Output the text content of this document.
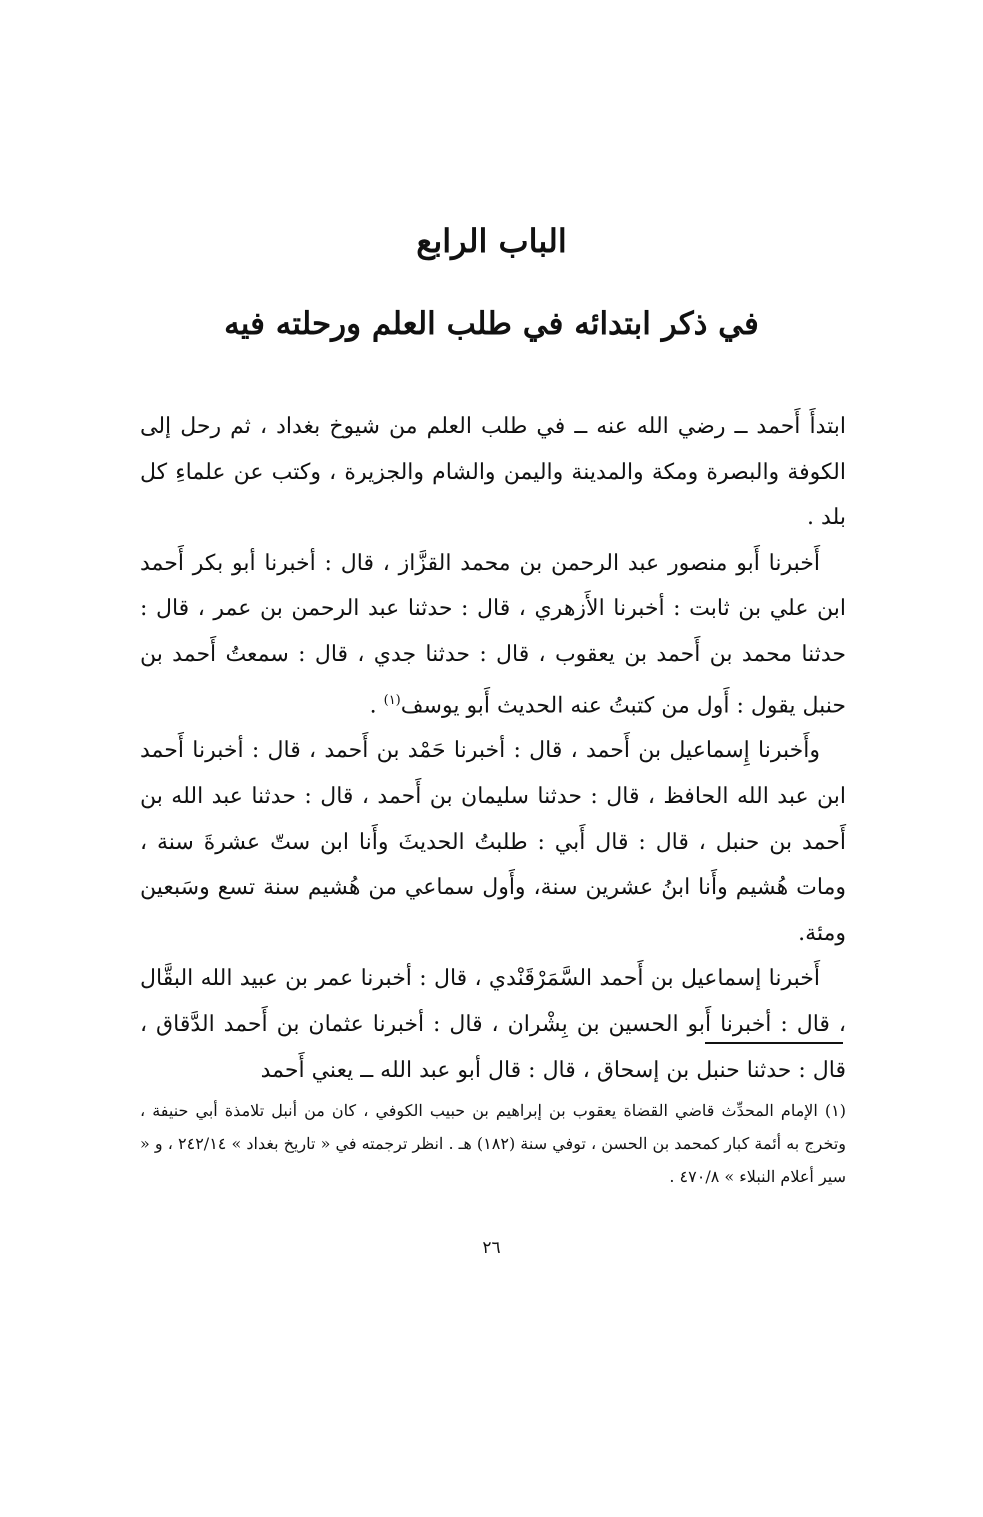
الباب الرابع
في ذكر ابتدائه في طلب العلم ورحلته فيه

ابتدأَ أَحمد ــ رضي الله عنه ــ في طلب العلم من شيوخ بغداد ، ثم رحل إلى الكوفة والبصرة ومكة والمدينة واليمن والشام والجزيرة ، وكتب عن علماءِ كل بلد .

أَخبرنا أَبو منصور عبد الرحمن بن محمد القزَّاز ، قال : أخبرنا أبو بكر أَحمد ابن علي بن ثابت : أخبرنا الأَزهري ، قال : حدثنا عبد الرحمن بن عمر ، قال : حدثنا محمد بن أَحمد بن يعقوب ، قال : حدثنا جدي ، قال : سمعتُ أَحمد بن حنبل يقول : أَول من كتبتُ عنه الحديث أَبو يوسف$^{(١)}$ .

وأَخبرنا إِسماعيل بن أَحمد ، قال : أخبرنا حَمْد بن أَحمد ، قال : أخبرنا أَحمد ابن عبد الله الحافظ ، قال : حدثنا سليمان بن أَحمد ، قال : حدثنا عبد الله بن أَحمد بن حنبل ، قال : قال أَبي : طلبتُ الحديثَ وأَنا ابن ستّ عشرةَ سنة ، ومات هُشيم وأَنا ابنُ عشرين سنة، وأَول سماعي من هُشيم سنة تسع وسَبعين ومئة.

أَخبرنا إسماعيل بن أَحمد السَّمَرْقَنْدي ، قال : أخبرنا عمر بن عبيد الله البقَّال ، قال : أخبرنا أَبو الحسين بن بِشْران ، قال : أخبرنا عثمان بن أَحمد الدَّقاق ، قال : حدثنا حنبل بن إسحاق ، قال : قال أبو عبد الله ــ يعني أَحمد

(١) الإمام المحدِّث قاضي القضاة يعقوب بن إبراهيم بن حبيب الكوفي ، كان من أنبل تلامذة أبي حنيفة ، وتخرج به أئمة كبار كمحمد بن الحسن ، توفي سنة (١٨٢) هـ . انظر ترجمته في « تاريخ بغداد » ٢٤٢/١٤ ، و « سير أعلام النبلاء » ٤٧٠/٨ .

٢٦
